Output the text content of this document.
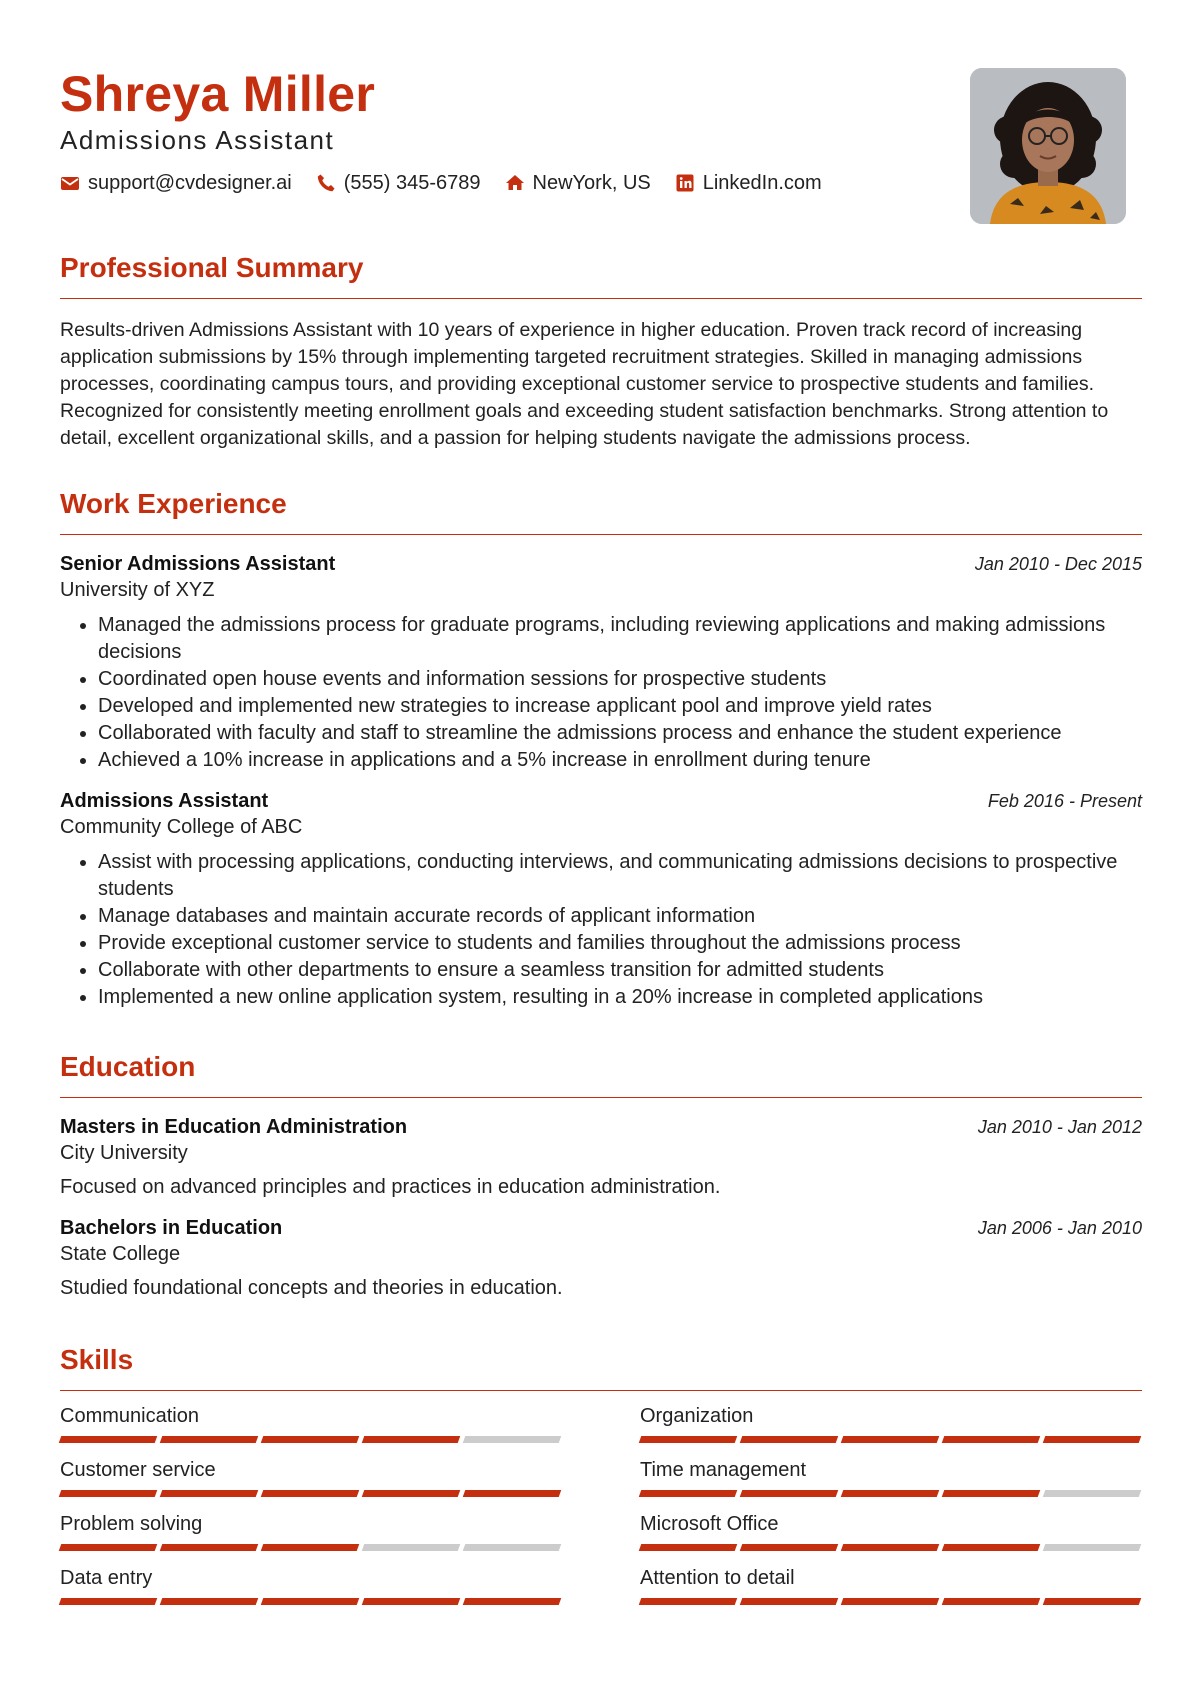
Shreya Miller
Admissions Assistant
support@cvdesigner.ai	(555) 345-6789	NewYork, US	LinkedIn.com
Professional Summary

Results-driven Admissions Assistant with 10 years of experience in higher education. Proven track record of increasing application submissions by 15% through implementing targeted recruitment strategies. Skilled in managing admissions processes, coordinating campus tours, and providing exceptional customer service to prospective students and families. Recognized for consistently meeting enrollment goals and exceeding student satisfaction benchmarks. Strong attention to detail, excellent organizational skills, and a passion for helping students navigate the admissions process.

Work Experience
Senior Admissions Assistant	Jan 2010 - Dec 2015
University of XYZ
• Managed the admissions process for graduate programs, including reviewing applications and making admissions decisions
• Coordinated open house events and information sessions for prospective students
• Developed and implemented new strategies to increase applicant pool and improve yield rates
• Collaborated with faculty and staff to streamline the admissions process and enhance the student experience
• Achieved a 10% increase in applications and a 5% increase in enrollment during tenure
Admissions Assistant	Feb 2016 - Present
Community College of ABC
• Assist with processing applications, conducting interviews, and communicating admissions decisions to prospective students
• Manage databases and maintain accurate records of applicant information
• Provide exceptional customer service to students and families throughout the admissions process
• Collaborate with other departments to ensure a seamless transition for admitted students
• Implemented a new online application system, resulting in a 20% increase in completed applications
Education
Masters in Education Administration	Jan 2010 - Jan 2012
City University
Focused on advanced principles and practices in education administration.
Bachelors in Education	Jan 2006 - Jan 2010
State College
Studied foundational concepts and theories in education.
Skills
Communication	Organization
Customer service	Time management
Problem solving	Microsoft Office
Data entry	Attention to detail
